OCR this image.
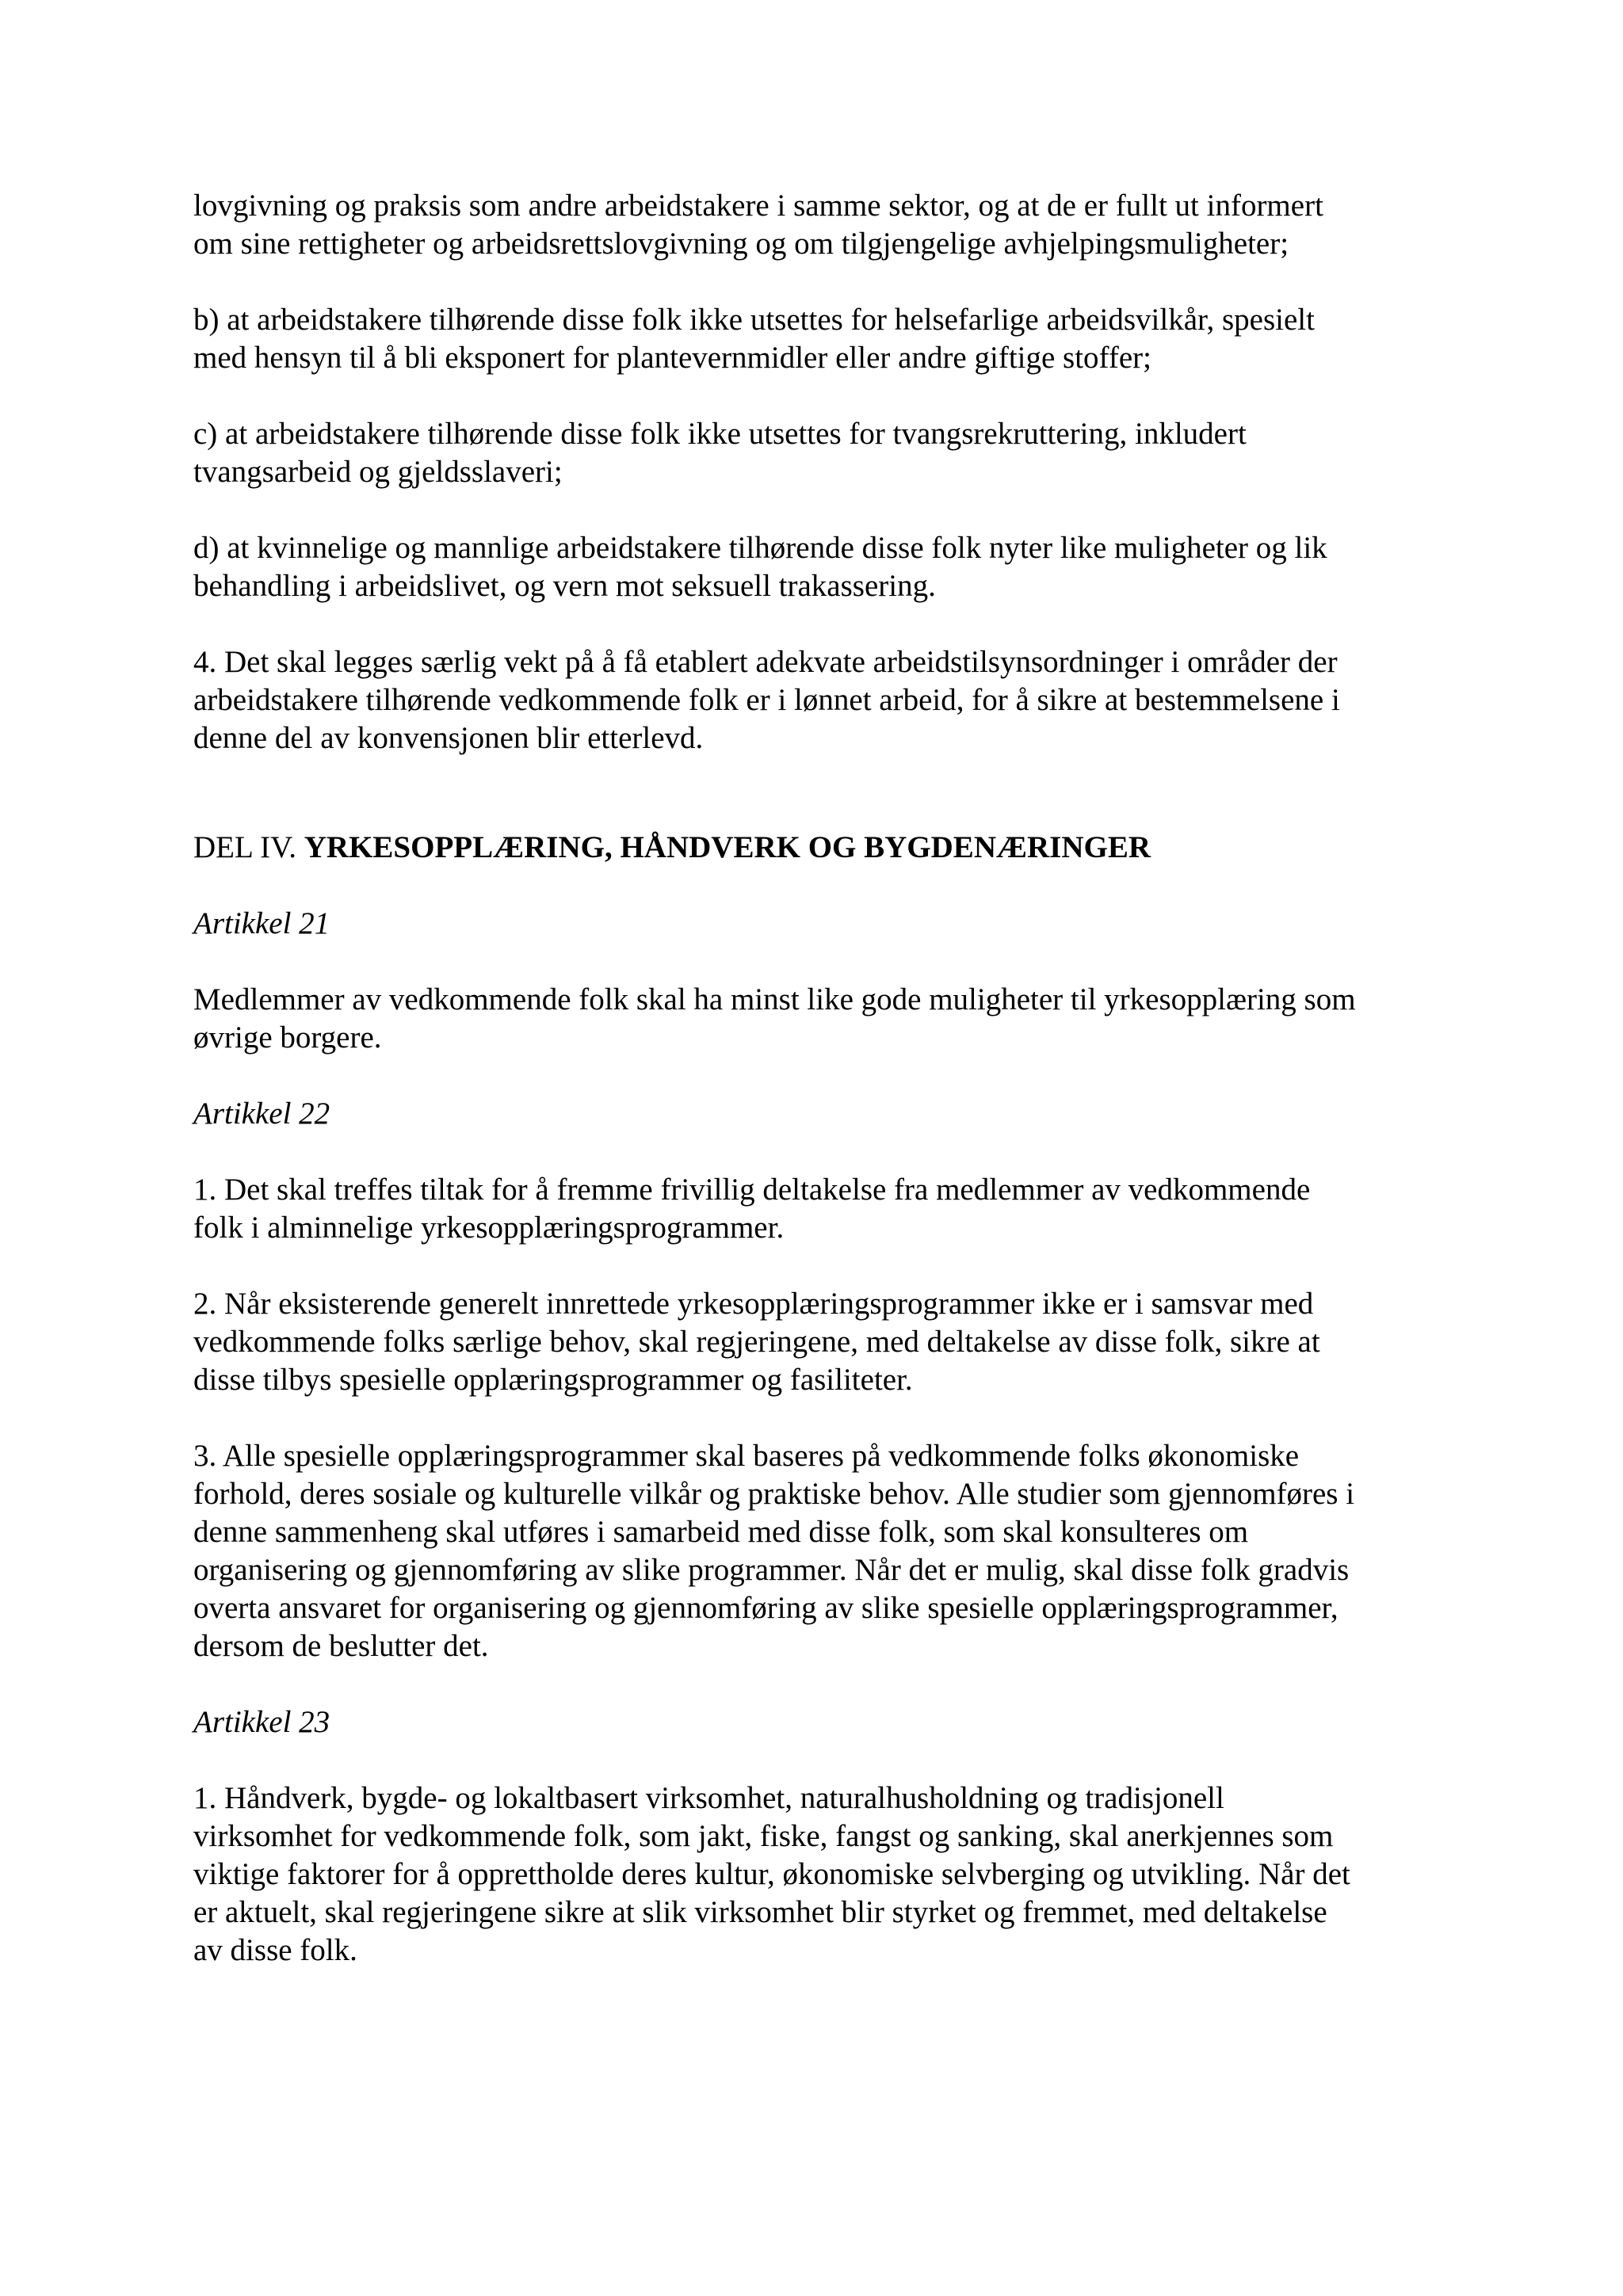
lovgivning og praksis som andre arbeidstakere i samme sektor, og at de er fullt ut informert
om sine rettigheter og arbeidsrettslovgivning og om tilgjengelige avhjelpingsmuligheter;

b) at arbeidstakere tilhørende disse folk ikke utsettes for helsefarlige arbeidsvilkår, spesielt
med hensyn til å bli eksponert for plantevernmidler eller andre giftige stoffer;

c) at arbeidstakere tilhørende disse folk ikke utsettes for tvangsrekruttering, inkludert
tvangsarbeid og gjeldsslaveri;

d) at kvinnelige og mannlige arbeidstakere tilhørende disse folk nyter like muligheter og lik
behandling i arbeidslivet, og vern mot seksuell trakassering.

4. Det skal legges særlig vekt på å få etablert adekvate arbeidstilsynsordninger i områder der
arbeidstakere tilhørende vedkommende folk er i lønnet arbeid, for å sikre at bestemmelsene i
denne del av konvensjonen blir etterlevd.

DEL IV. YRKESOPPLÆRING, HÅNDVERK OG BYGDENÆRINGER

Artikkel 21

Medlemmer av vedkommende folk skal ha minst like gode muligheter til yrkesopplæring som
øvrige borgere.

Artikkel 22

1. Det skal treffes tiltak for å fremme frivillig deltakelse fra medlemmer av vedkommende
folk i alminnelige yrkesopplæringsprogrammer.

2. Når eksisterende generelt innrettede yrkesopplæringsprogrammer ikke er i samsvar med
vedkommende folks særlige behov, skal regjeringene, med deltakelse av disse folk, sikre at
disse tilbys spesielle opplæringsprogrammer og fasiliteter.

3. Alle spesielle opplæringsprogrammer skal baseres på vedkommende folks økonomiske
forhold, deres sosiale og kulturelle vilkår og praktiske behov. Alle studier som gjennomføres i
denne sammenheng skal utføres i samarbeid med disse folk, som skal konsulteres om
organisering og gjennomføring av slike programmer. Når det er mulig, skal disse folk gradvis
overta ansvaret for organisering og gjennomføring av slike spesielle opplæringsprogrammer,
dersom de beslutter det.

Artikkel 23

1. Håndverk, bygde- og lokaltbasert virksomhet, naturalhusholdning og tradisjonell
virksomhet for vedkommende folk, som jakt, fiske, fangst og sanking, skal anerkjennes som
viktige faktorer for å opprettholde deres kultur, økonomiske selvberging og utvikling. Når det
er aktuelt, skal regjeringene sikre at slik virksomhet blir styrket og fremmet, med deltakelse
av disse folk.
